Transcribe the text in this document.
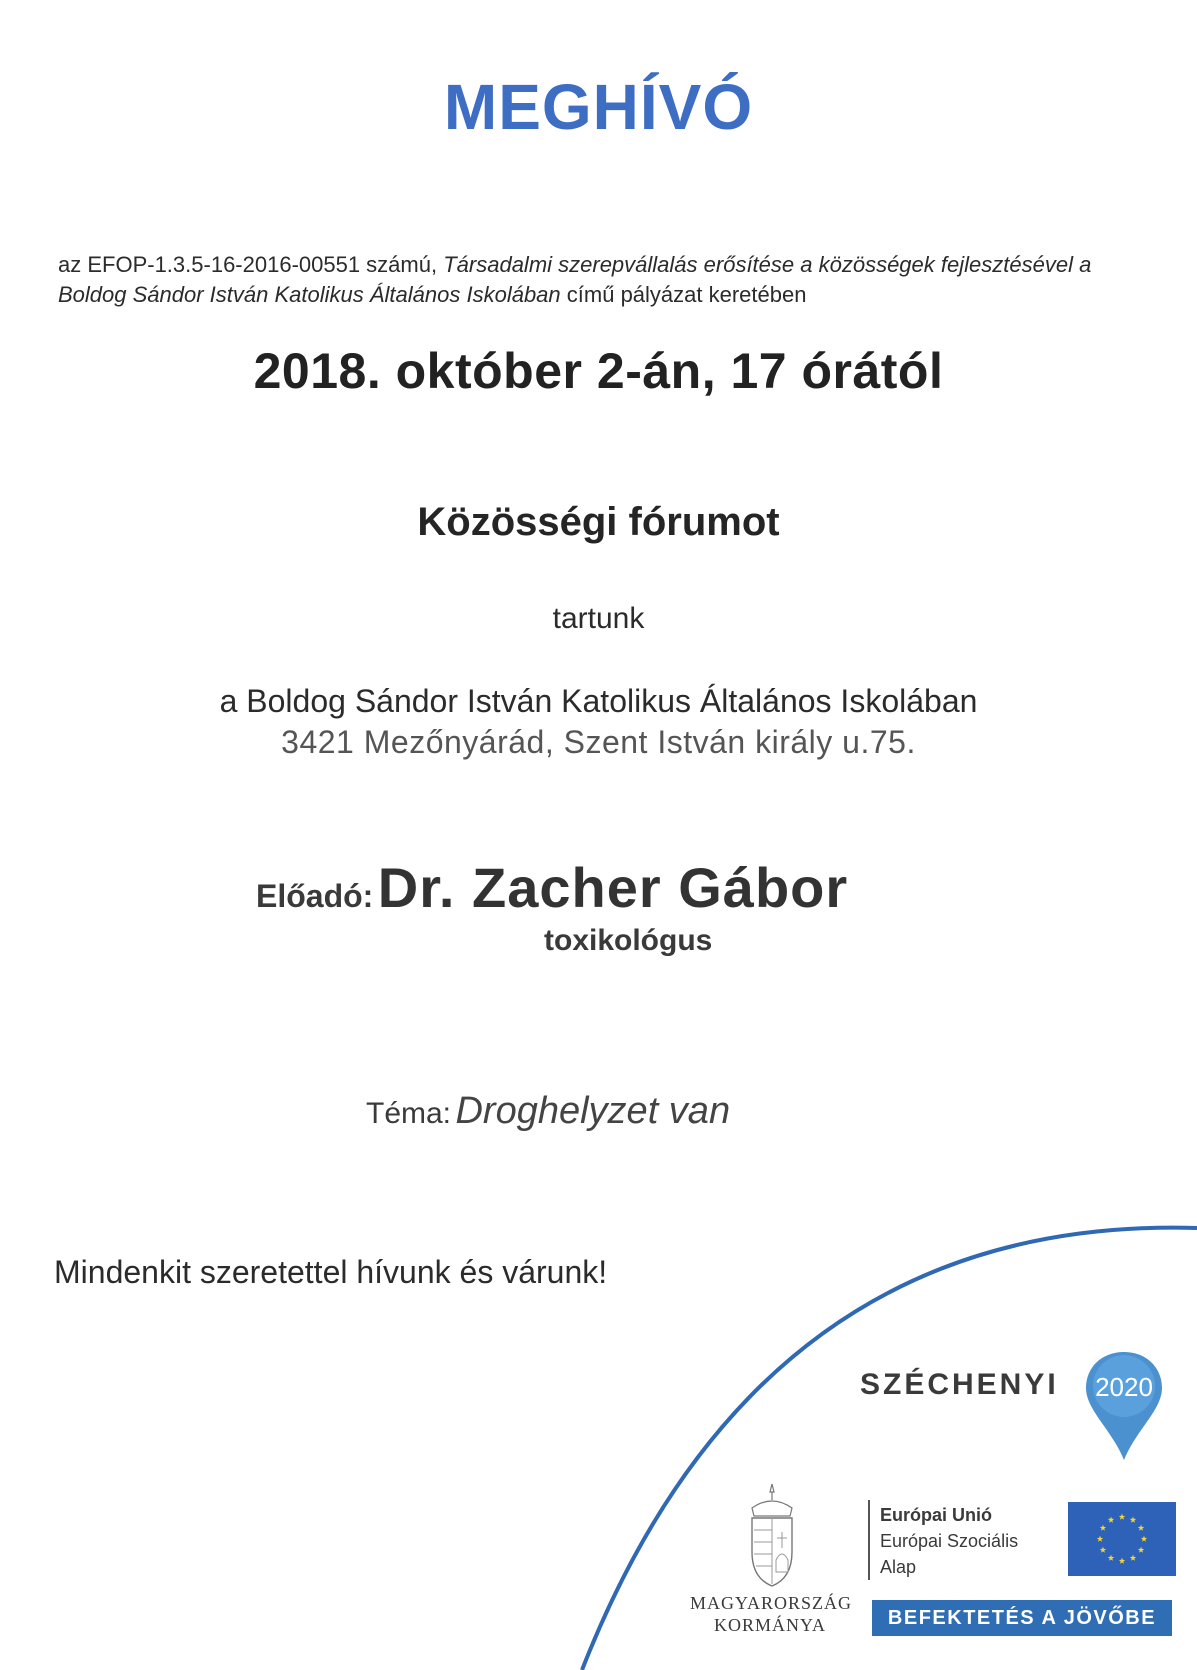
MEGHÍVÓ
az EFOP-1.3.5-16-2016-00551 számú, Társadalmi szerepvállalás erősítése a közösségek fejlesztésével a Boldog Sándor István Katolikus Általános Iskolában című pályázat keretében
2018. október 2-án, 17 órától
Közösségi fórumot
tartunk
a Boldog Sándor István Katolikus Általános Iskolában
3421 Mezőnyárád, Szent István király u.75.
Előadó: Dr. Zacher Gábor
toxikológus
Téma: Droghelyzet van
Mindenkit szeretettel hívunk és várunk!
SZÉCHENYI 2020
MAGYARORSZÁG
KORMÁNYA
Európai Unió
Európai Szociális
Alap
BEFEKTETÉS A JÖVŐBE
